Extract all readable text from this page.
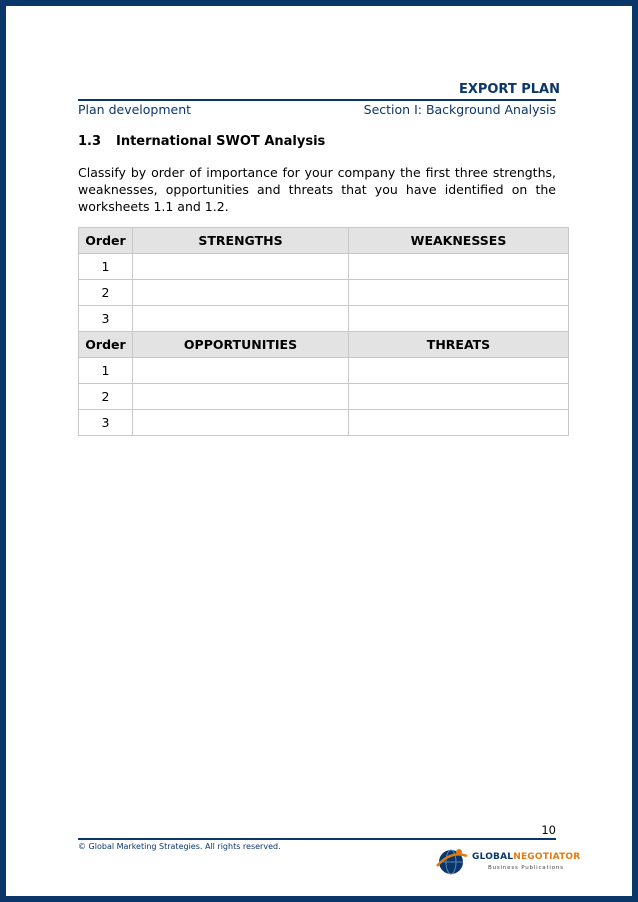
EXPORT PLAN
Plan development	Section I: Background Analysis
1.3 International SWOT Analysis
Classify by order of importance for your company the first three strengths, weaknesses, opportunities and threats that you have identified on the worksheets 1.1 and 1.2.
Order	STRENGTHS	WEAKNESSES
1		
2		
3		
Order	OPPORTUNITIES	THREATS
1		
2		
3		
10
© Global Marketing Strategies. All rights reserved.
GLOBALNEGOTIATOR
Business Publications
